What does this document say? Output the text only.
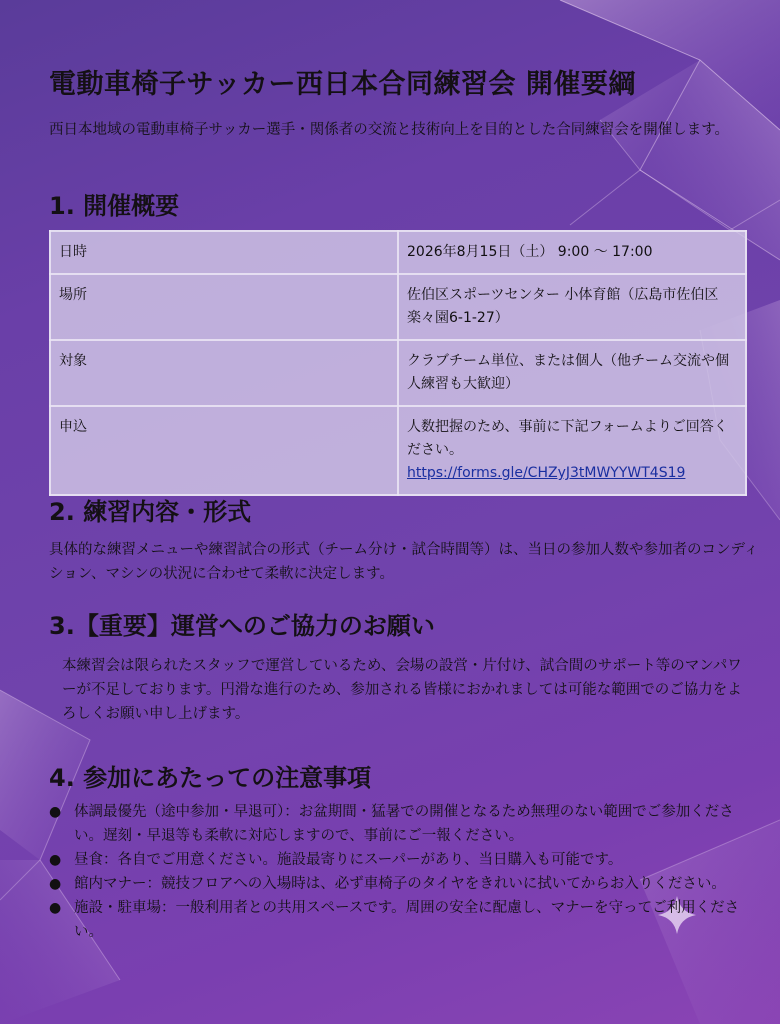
電動車椅子サッカー西日本合同練習会 開催要綱

西日本地域の電動車椅子サッカー選手・関係者の交流と技術向上を目的とした合同練習会を開催します。

1. 開催概要
日時	2026年8月15日（土） 9:00 〜 17:00
場所	佐伯区スポーツセンター 小体育館（広島市佐伯区楽々園6-1-27）
対象	クラブチーム単位、または個人（他チーム交流や個人練習も大歓迎）
申込	人数把握のため、事前に下記フォームよりご回答ください。
https://forms.gle/CHZyJ3tMWYYWT4S19
2. 練習内容・形式

具体的な練習メニューや練習試合の形式（チーム分け・試合時間等）は、当日の参加人数や参加者のコンディション、マシンの状況に合わせて柔軟に決定します。

3.【重要】運営へのご協力のお願い

本練習会は限られたスタッフで運営しているため、会場の設営・片付け、試合間のサポート等のマンパワーが不足しております。円滑な進行のため、参加される皆様におかれましては可能な範囲でのご協力をよろしくお願い申し上げます。

4. 参加にあたっての注意事項
● 体調最優先（途中参加・早退可）：お盆期間・猛暑での開催となるため無理のない範囲でご参加ください。遅刻・早退等も柔軟に対応しますので、事前にご一報ください。
● 昼食：各自でご用意ください。施設最寄りにスーパーがあり、当日購入も可能です。
● 館内マナー：競技フロアへの入場時は、必ず車椅子のタイヤをきれいに拭いてからお入りください。
● 施設・駐車場：一般利用者との共用スペースです。周囲の安全に配慮し、マナーを守ってご利用ください。
